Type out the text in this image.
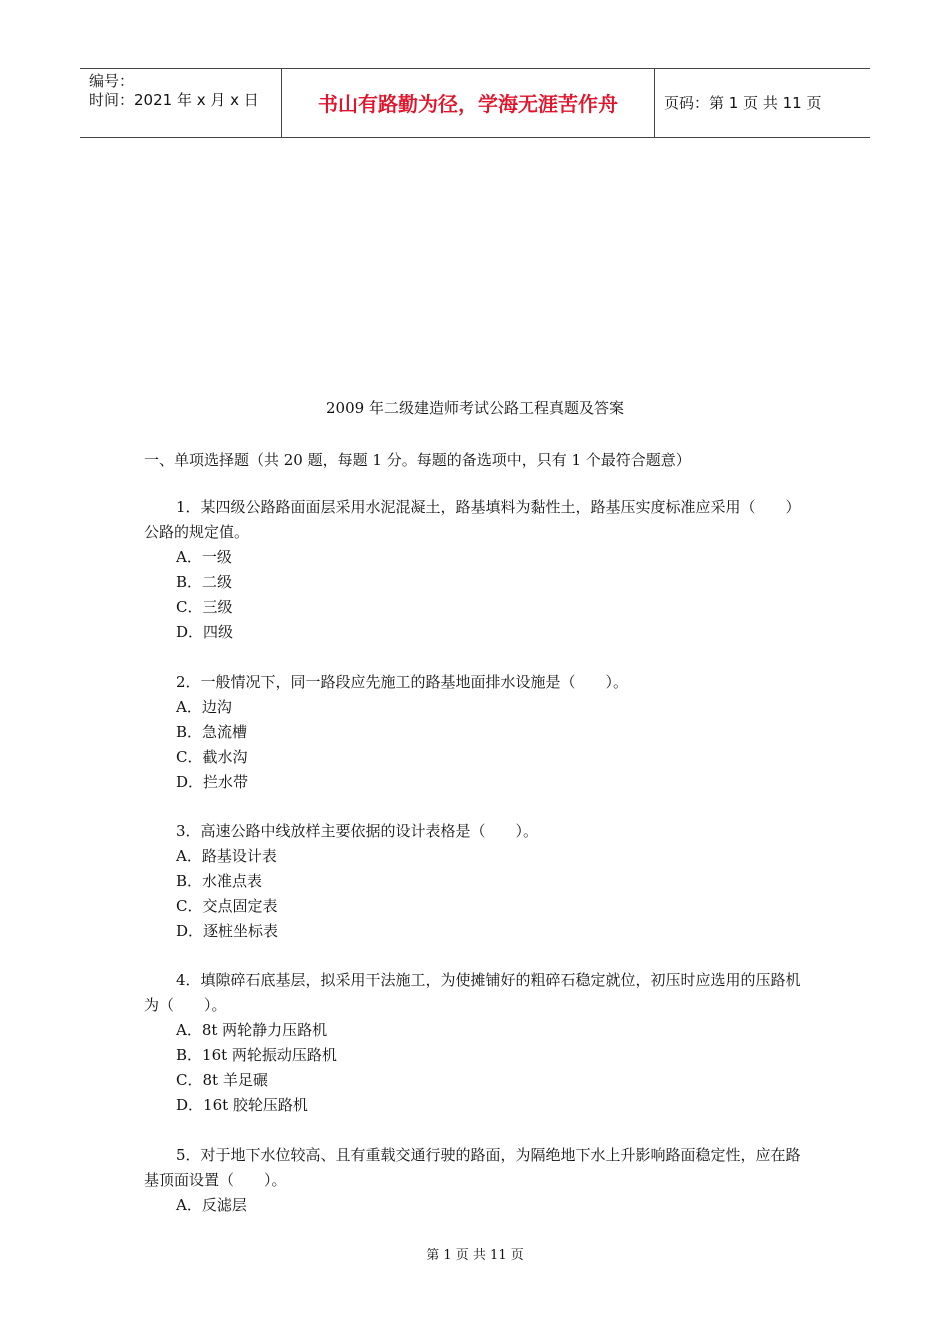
编号：
时间：2021 年 x 月 x 日	书山有路勤为径，学海无涯苦作舟	页码：第 1 页 共 11 页
2009 年二级建造师考试公路工程真题及答案
一、单项选择题（共 20 题，每题 1 分。每题的备选项中，只有 1 个最符合题意）

1．某四级公路路面面层采用水泥混凝土，路基填料为黏性土，路基压实度标准应采用（　　）公路的规定值。

A．一级
B．二级
C．三级
D．四级

2．一般情况下，同一路段应先施工的路基地面排水设施是（　　）。

A．边沟
B．急流槽
C．截水沟
D．拦水带

3．高速公路中线放样主要依据的设计表格是（　　）。

A．路基设计表
B．水准点表
C．交点固定表
D．逐桩坐标表

4．填隙碎石底基层，拟采用干法施工，为使摊铺好的粗碎石稳定就位，初压时应选用的压路机为（　　）。

A．8t 两轮静力压路机
B．16t 两轮振动压路机
C．8t 羊足碾
D．16t 胶轮压路机

5．对于地下水位较高、且有重载交通行驶的路面，为隔绝地下水上升影响路面稳定性，应在路基顶面设置（　　）。

A．反滤层
第 1 页 共 11 页
